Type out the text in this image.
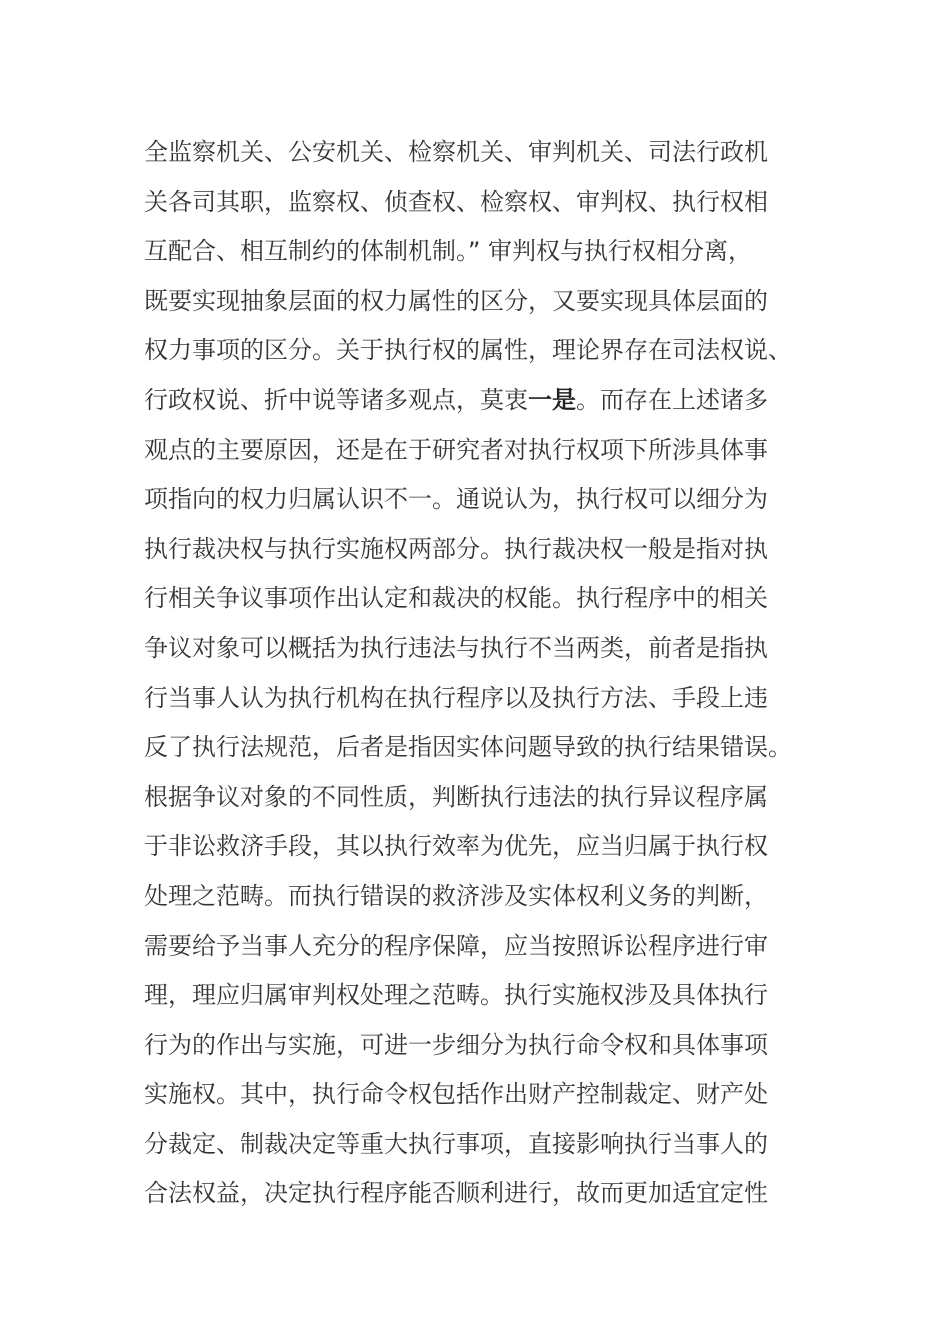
全监察机关、公安机关、检察机关、审判机关、司法行政机
关各司其职，监察权、侦查权、检察权、审判权、执行权相
互配合、相互制约的体制机制。” 审判权与执行权相分离，
既要实现抽象层面的权力属性的区分，又要实现具体层面的
权力事项的区分。关于执行权的属性，理论界存在司法权说、
行政权说、折中说等诸多观点，莫衷一是。而存在上述诸多
观点的主要原因，还是在于研究者对执行权项下所涉具体事
项指向的权力归属认识不一。通说认为，执行权可以细分为
执行裁决权与执行实施权两部分。执行裁决权一般是指对执
行相关争议事项作出认定和裁决的权能。执行程序中的相关
争议对象可以概括为执行违法与执行不当两类，前者是指执
行当事人认为执行机构在执行程序以及执行方法、手段上违
反了执行法规范，后者是指因实体问题导致的执行结果错误。
根据争议对象的不同性质，判断执行违法的执行异议程序属
于非讼救济手段，其以执行效率为优先，应当归属于执行权
处理之范畴。而执行错误的救济涉及实体权利义务的判断，
需要给予当事人充分的程序保障，应当按照诉讼程序进行审
理，理应归属审判权处理之范畴。执行实施权涉及具体执行
行为的作出与实施，可进一步细分为执行命令权和具体事项
实施权。其中，执行命令权包括作出财产控制裁定、财产处
分裁定、制裁决定等重大执行事项，直接影响执行当事人的
合法权益，决定执行程序能否顺利进行，故而更加适宜定性
